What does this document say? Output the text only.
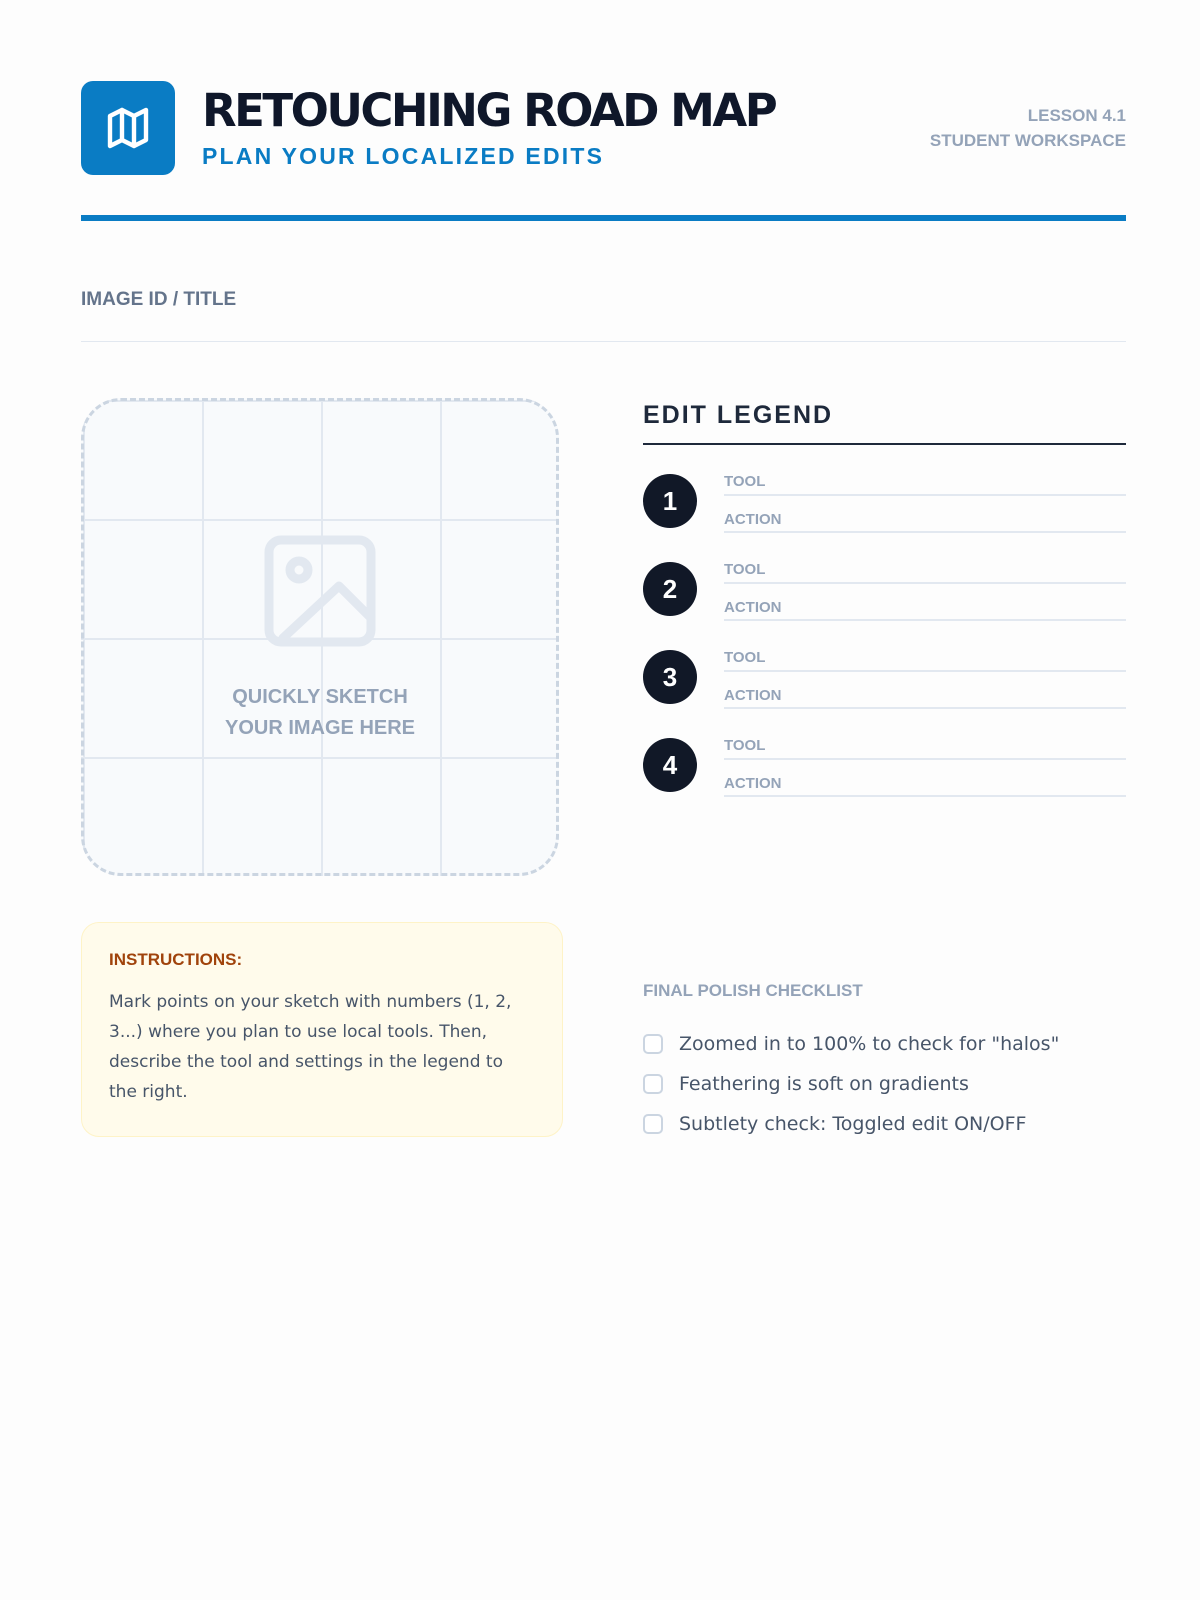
RETOUCHING ROAD MAP
PLAN YOUR LOCALIZED EDITS
LESSON 4.1
STUDENT WORKSPACE
IMAGE ID / TITLE
QUICKLY SKETCH
YOUR IMAGE HERE
EDIT LEGEND
1
TOOL
ACTION
2
TOOL
ACTION
3
TOOL
ACTION
4
TOOL
ACTION
INSTRUCTIONS:
Mark points on your sketch with numbers (1, 2, 3...) where you plan to use local tools. Then, describe the tool and settings in the legend to the right.
FINAL POLISH CHECKLIST
Zoomed in to 100% to check for "halos"
Feathering is soft on gradients
Subtlety check: Toggled edit ON/OFF
